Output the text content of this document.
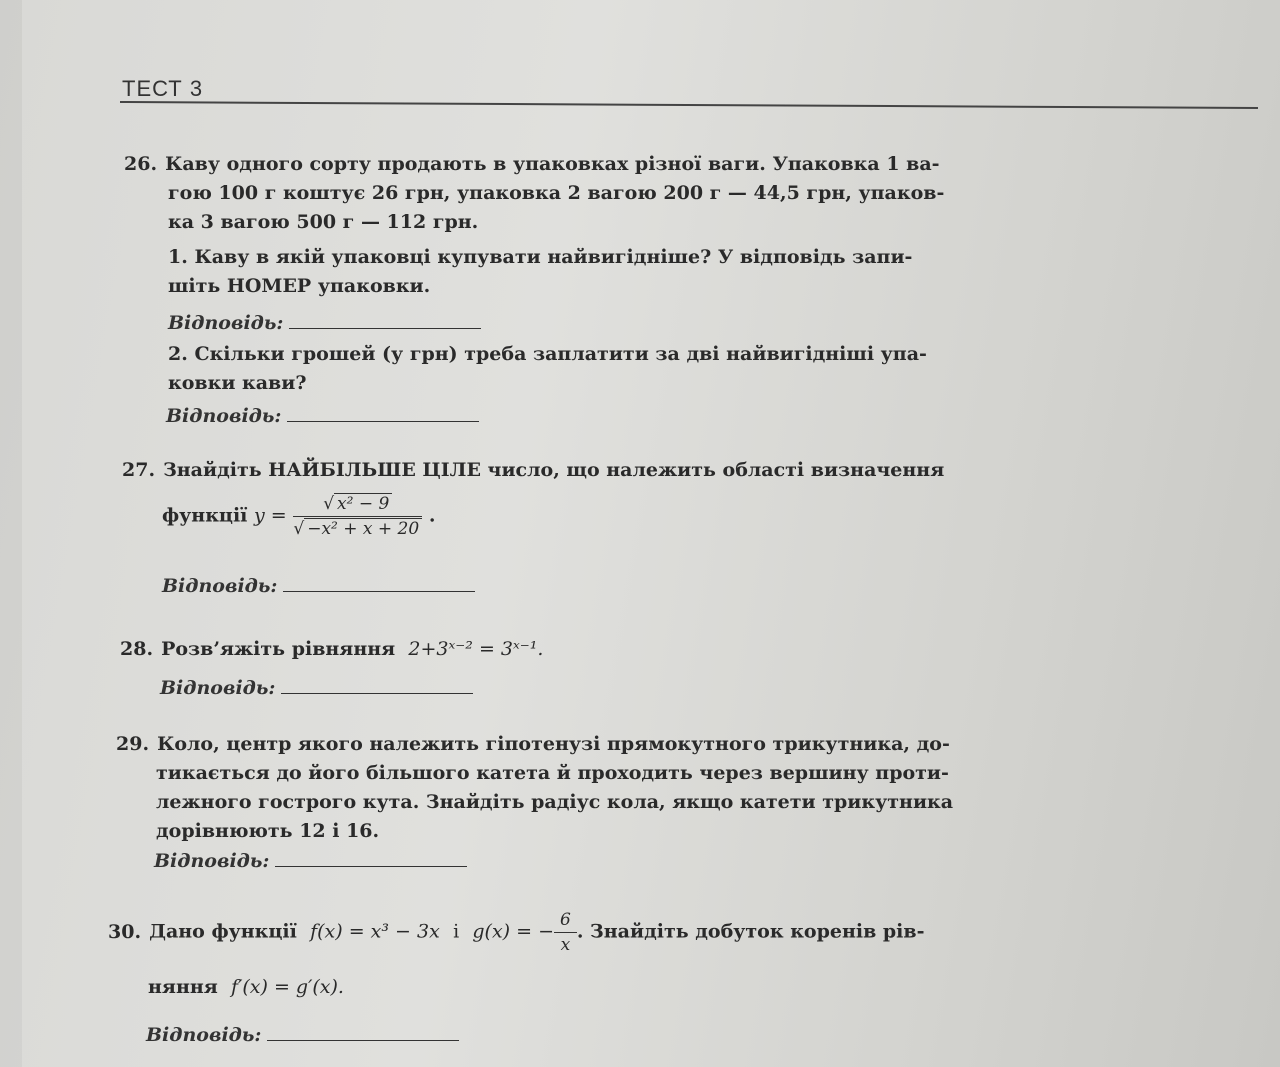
ТЕСТ 3
26. Каву одного сорту продають в упаковках різної ваги. Упаковка 1 ва-
гою 100 г коштує 26 грн, упаковка 2 вагою 200 г — 44,5 грн, упаков-
ка 3 вагою 500 г — 112 грн.
1. Каву в якій упаковці купувати найвигідніше? У відповідь запи-
шіть НОМЕР упаковки.
Відповідь:
2. Скільки грошей (у грн) треба заплатити за дві найвигідніші упа-
ковки кави?
Відповідь:
27. Знайдіть НАЙБІЛЬШЕ ЦІЛЕ число, що належить області визначення
функції $y = \frac{\text{√ x² − 9}}{\text{√ −x² + x + 20}}$ .
Відповідь:
28. Розв’яжіть рівняння 2+3ˣ⁻² = 3ˣ⁻¹.
Відповідь:
29. Коло, центр якого належить гіпотенузі прямокутного трикутника, до-
тикається до його більшого катета й проходить через вершину проти-
лежного гострого кута. Знайдіть радіус кола, якщо катети трикутника
дорівнюють 12 і 16.
Відповідь:
30. Дано функції f(x) = x³ − 3x і g(x) = − $\frac{6}{x}$ . Знайдіть добуток коренів рів-
няння f′(x) = g′(x).
Відповідь:
